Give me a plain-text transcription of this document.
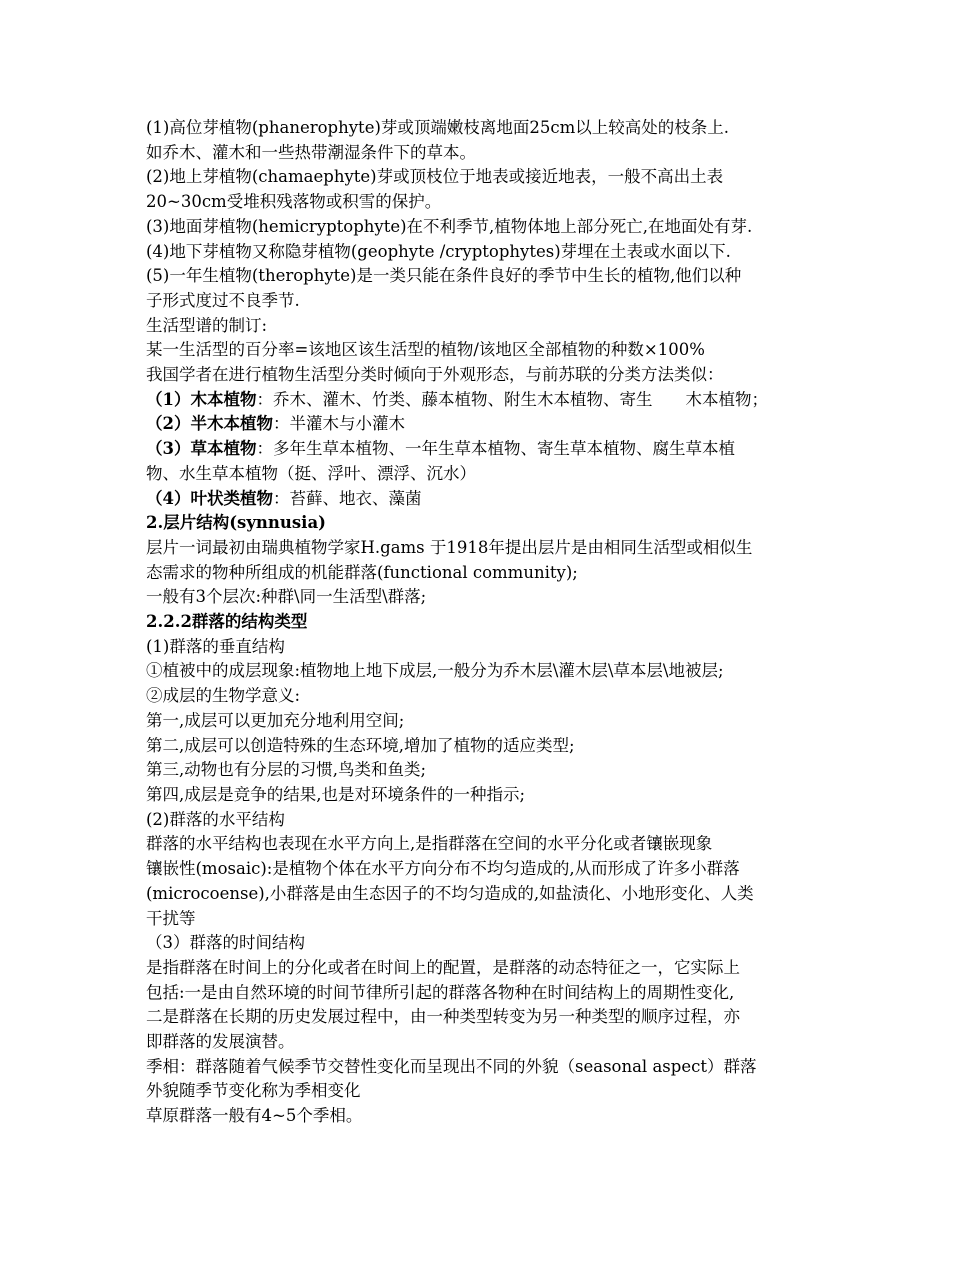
(1)高位芽植物(phanerophyte)芽或顶端嫩枝离地面25cm以上较高处的枝条上.
如乔木、灌木和一些热带潮湿条件下的草本。
(2)地上芽植物(chamaephyte)芽或顶枝位于地表或接近地表，一般不高出土表
20~30cm受堆积残落物或积雪的保护。
(3)地面芽植物(hemicryptophyte)在不利季节,植物体地上部分死亡,在地面处有芽.
(4)地下芽植物又称隐芽植物(geophyte /cryptophytes)芽埋在土表或水面以下.
(5)一年生植物(therophyte)是一类只能在条件良好的季节中生长的植物,他们以种
子形式度过不良季节.
生活型谱的制订:
某一生活型的百分率=该地区该生活型的植物/该地区全部植物的种数×100%
我国学者在进行植物生活型分类时倾向于外观形态，与前苏联的分类方法类似：
（1）木本植物：乔木、灌木、竹类、藤本植物、附生木本植物、寄生　　木本植物；
（2）半木本植物：半灌木与小灌木
（3）草本植物：多年生草本植物、一年生草本植物、寄生草本植物、腐生草本植
物、水生草本植物（挺、浮叶、漂浮、沉水）
（4）叶状类植物：苔藓、地衣、藻菌
2.层片结构(synnusia)
层片一词最初由瑞典植物学家H.gams 于1918年提出层片是由相同生活型或相似生
态需求的物种所组成的机能群落(functional community);
一般有3个层次:种群\同一生活型\群落;
2.2.2群落的结构类型
(1)群落的垂直结构
①植被中的成层现象:植物地上地下成层,一般分为乔木层\灌木层\草本层\地被层;
②成层的生物学意义:
第一,成层可以更加充分地利用空间;
第二,成层可以创造特殊的生态环境,增加了植物的适应类型;
第三,动物也有分层的习惯,鸟类和鱼类;
第四,成层是竞争的结果,也是对环境条件的一种指示;
(2)群落的水平结构
群落的水平结构也表现在水平方向上,是指群落在空间的水平分化或者镶嵌现象
镶嵌性(mosaic):是植物个体在水平方向分布不均匀造成的,从而形成了许多小群落
(microcoense),小群落是由生态因子的不均匀造成的,如盐渍化、小地形变化、人类
干扰等
（3）群落的时间结构
是指群落在时间上的分化或者在时间上的配置，是群落的动态特征之一，它实际上
包括:一是由自然环境的时间节律所引起的群落各物种在时间结构上的周期性变化,
二是群落在长期的历史发展过程中，由一种类型转变为另一种类型的顺序过程，亦
即群落的发展演替。
季相：群落随着气候季节交替性变化而呈现出不同的外貌（seasonal aspect）群落
外貌随季节变化称为季相变化
草原群落一般有4~5个季相。
